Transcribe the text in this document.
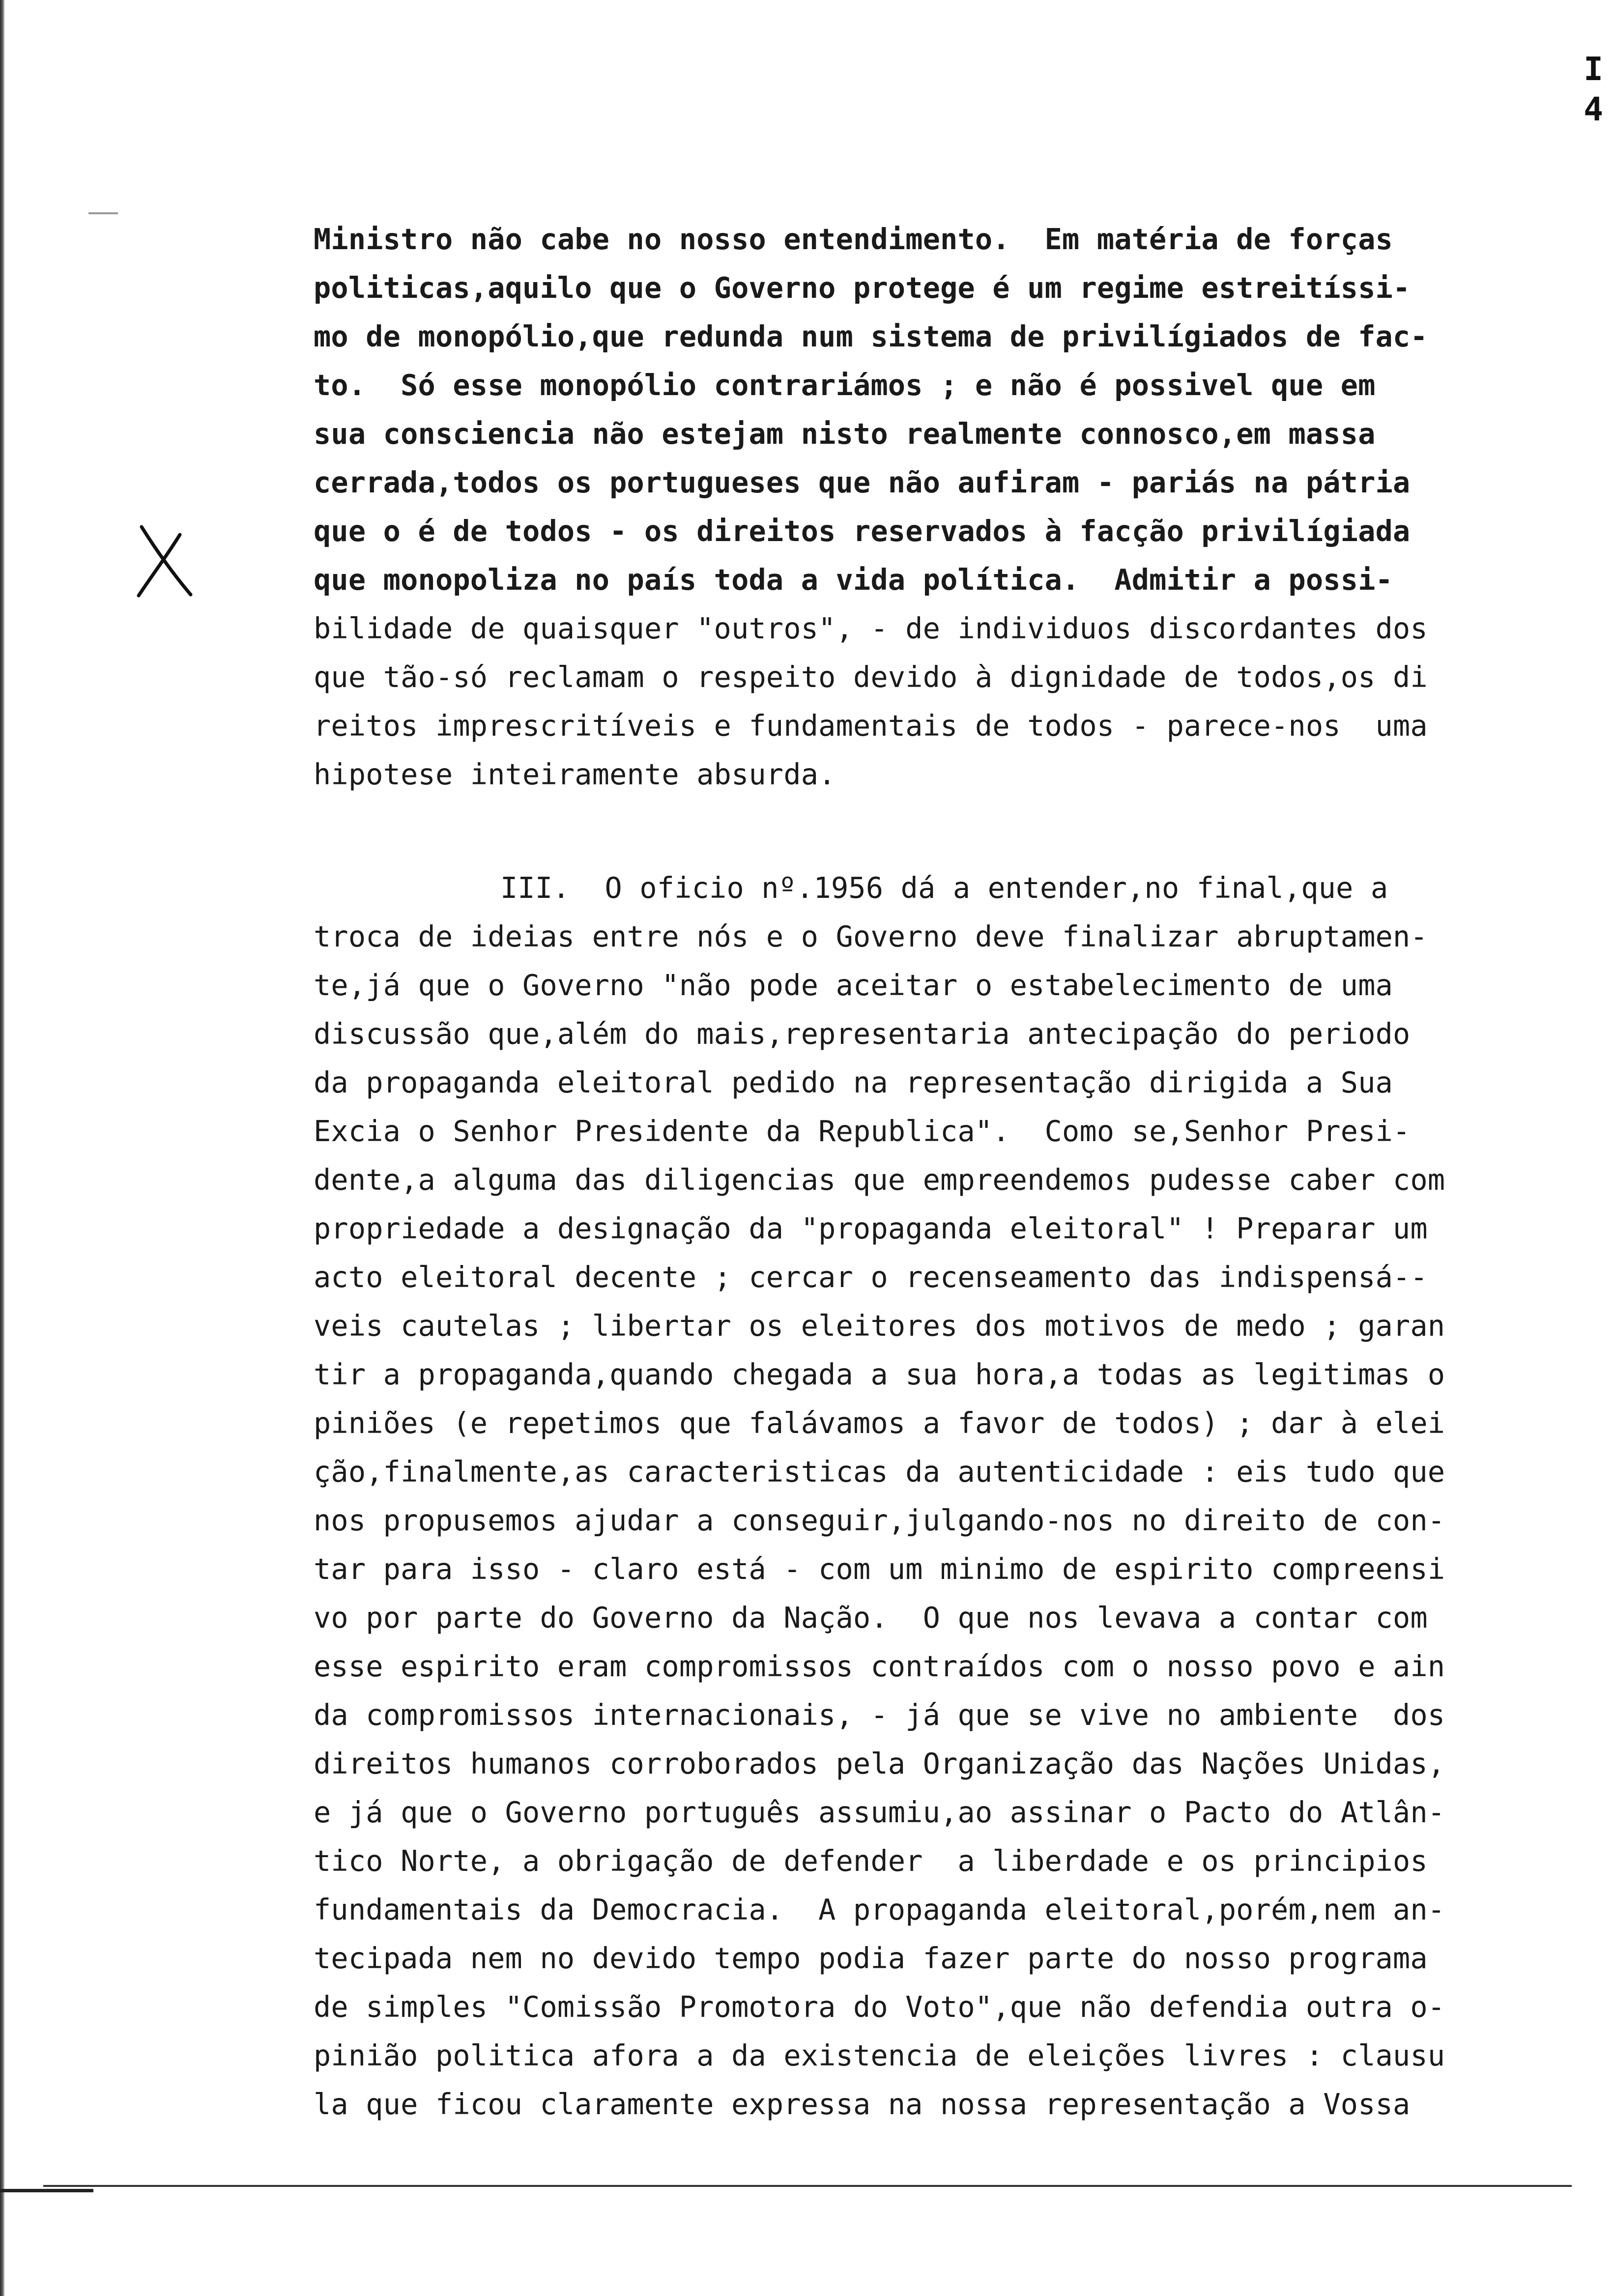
I
4
Ministro não cabe no nosso entendimento.  Em matéria de forças
politicas,aquilo que o Governo protege é um regime estreitíssi-
mo de monopólio,que redunda num sistema de privilígiados de fac-
to.  Só esse monopólio contrariámos ; e não é possivel que em
sua consciencia não estejam nisto realmente connosco,em massa
cerrada,todos os portugueses que não aufiram - pariás na pátria
que o é de todos - os direitos reservados à facção privilígiada
que monopoliza no país toda a vida política.  Admitir a possi-
bilidade de quaisquer "outros", - de individuos discordantes dos
que tão-só reclamam o respeito devido à dignidade de todos,os di
reitos imprescritíveis e fundamentais de todos - parece-nos  uma
hipotese inteiramente absurda.
III.  O oficio nº.1956 dá a entender,no final,que a
troca de ideias entre nós e o Governo deve finalizar abruptamen-
te,já que o Governo "não pode aceitar o estabelecimento de uma
discussão que,além do mais,representaria antecipação do periodo
da propaganda eleitoral pedido na representação dirigida a Sua
Excia o Senhor Presidente da Republica".  Como se,Senhor Presi-
dente,a alguma das diligencias que empreendemos pudesse caber com
propriedade a designação da "propaganda eleitoral" ! Preparar um
acto eleitoral decente ; cercar o recenseamento das indispensá--
veis cautelas ; libertar os eleitores dos motivos de medo ; garan
tir a propaganda,quando chegada a sua hora,a todas as legitimas o
piniões (e repetimos que falávamos a favor de todos) ; dar à elei
ção,finalmente,as caracteristicas da autenticidade : eis tudo que
nos propusemos ajudar a conseguir,julgando-nos no direito de con-
tar para isso - claro está - com um minimo de espirito compreensi
vo por parte do Governo da Nação.  O que nos levava a contar com
esse espirito eram compromissos contraídos com o nosso povo e ain
da compromissos internacionais, - já que se vive no ambiente  dos
direitos humanos corroborados pela Organização das Nações Unidas,
e já que o Governo português assumiu,ao assinar o Pacto do Atlân-
tico Norte, a obrigação de defender  a liberdade e os principios
fundamentais da Democracia.  A propaganda eleitoral,porém,nem an-
tecipada nem no devido tempo podia fazer parte do nosso programa
de simples "Comissão Promotora do Voto",que não defendia outra o-
pinião politica afora a da existencia de eleições livres : clausu
la que ficou claramente expressa na nossa representação a Vossa
